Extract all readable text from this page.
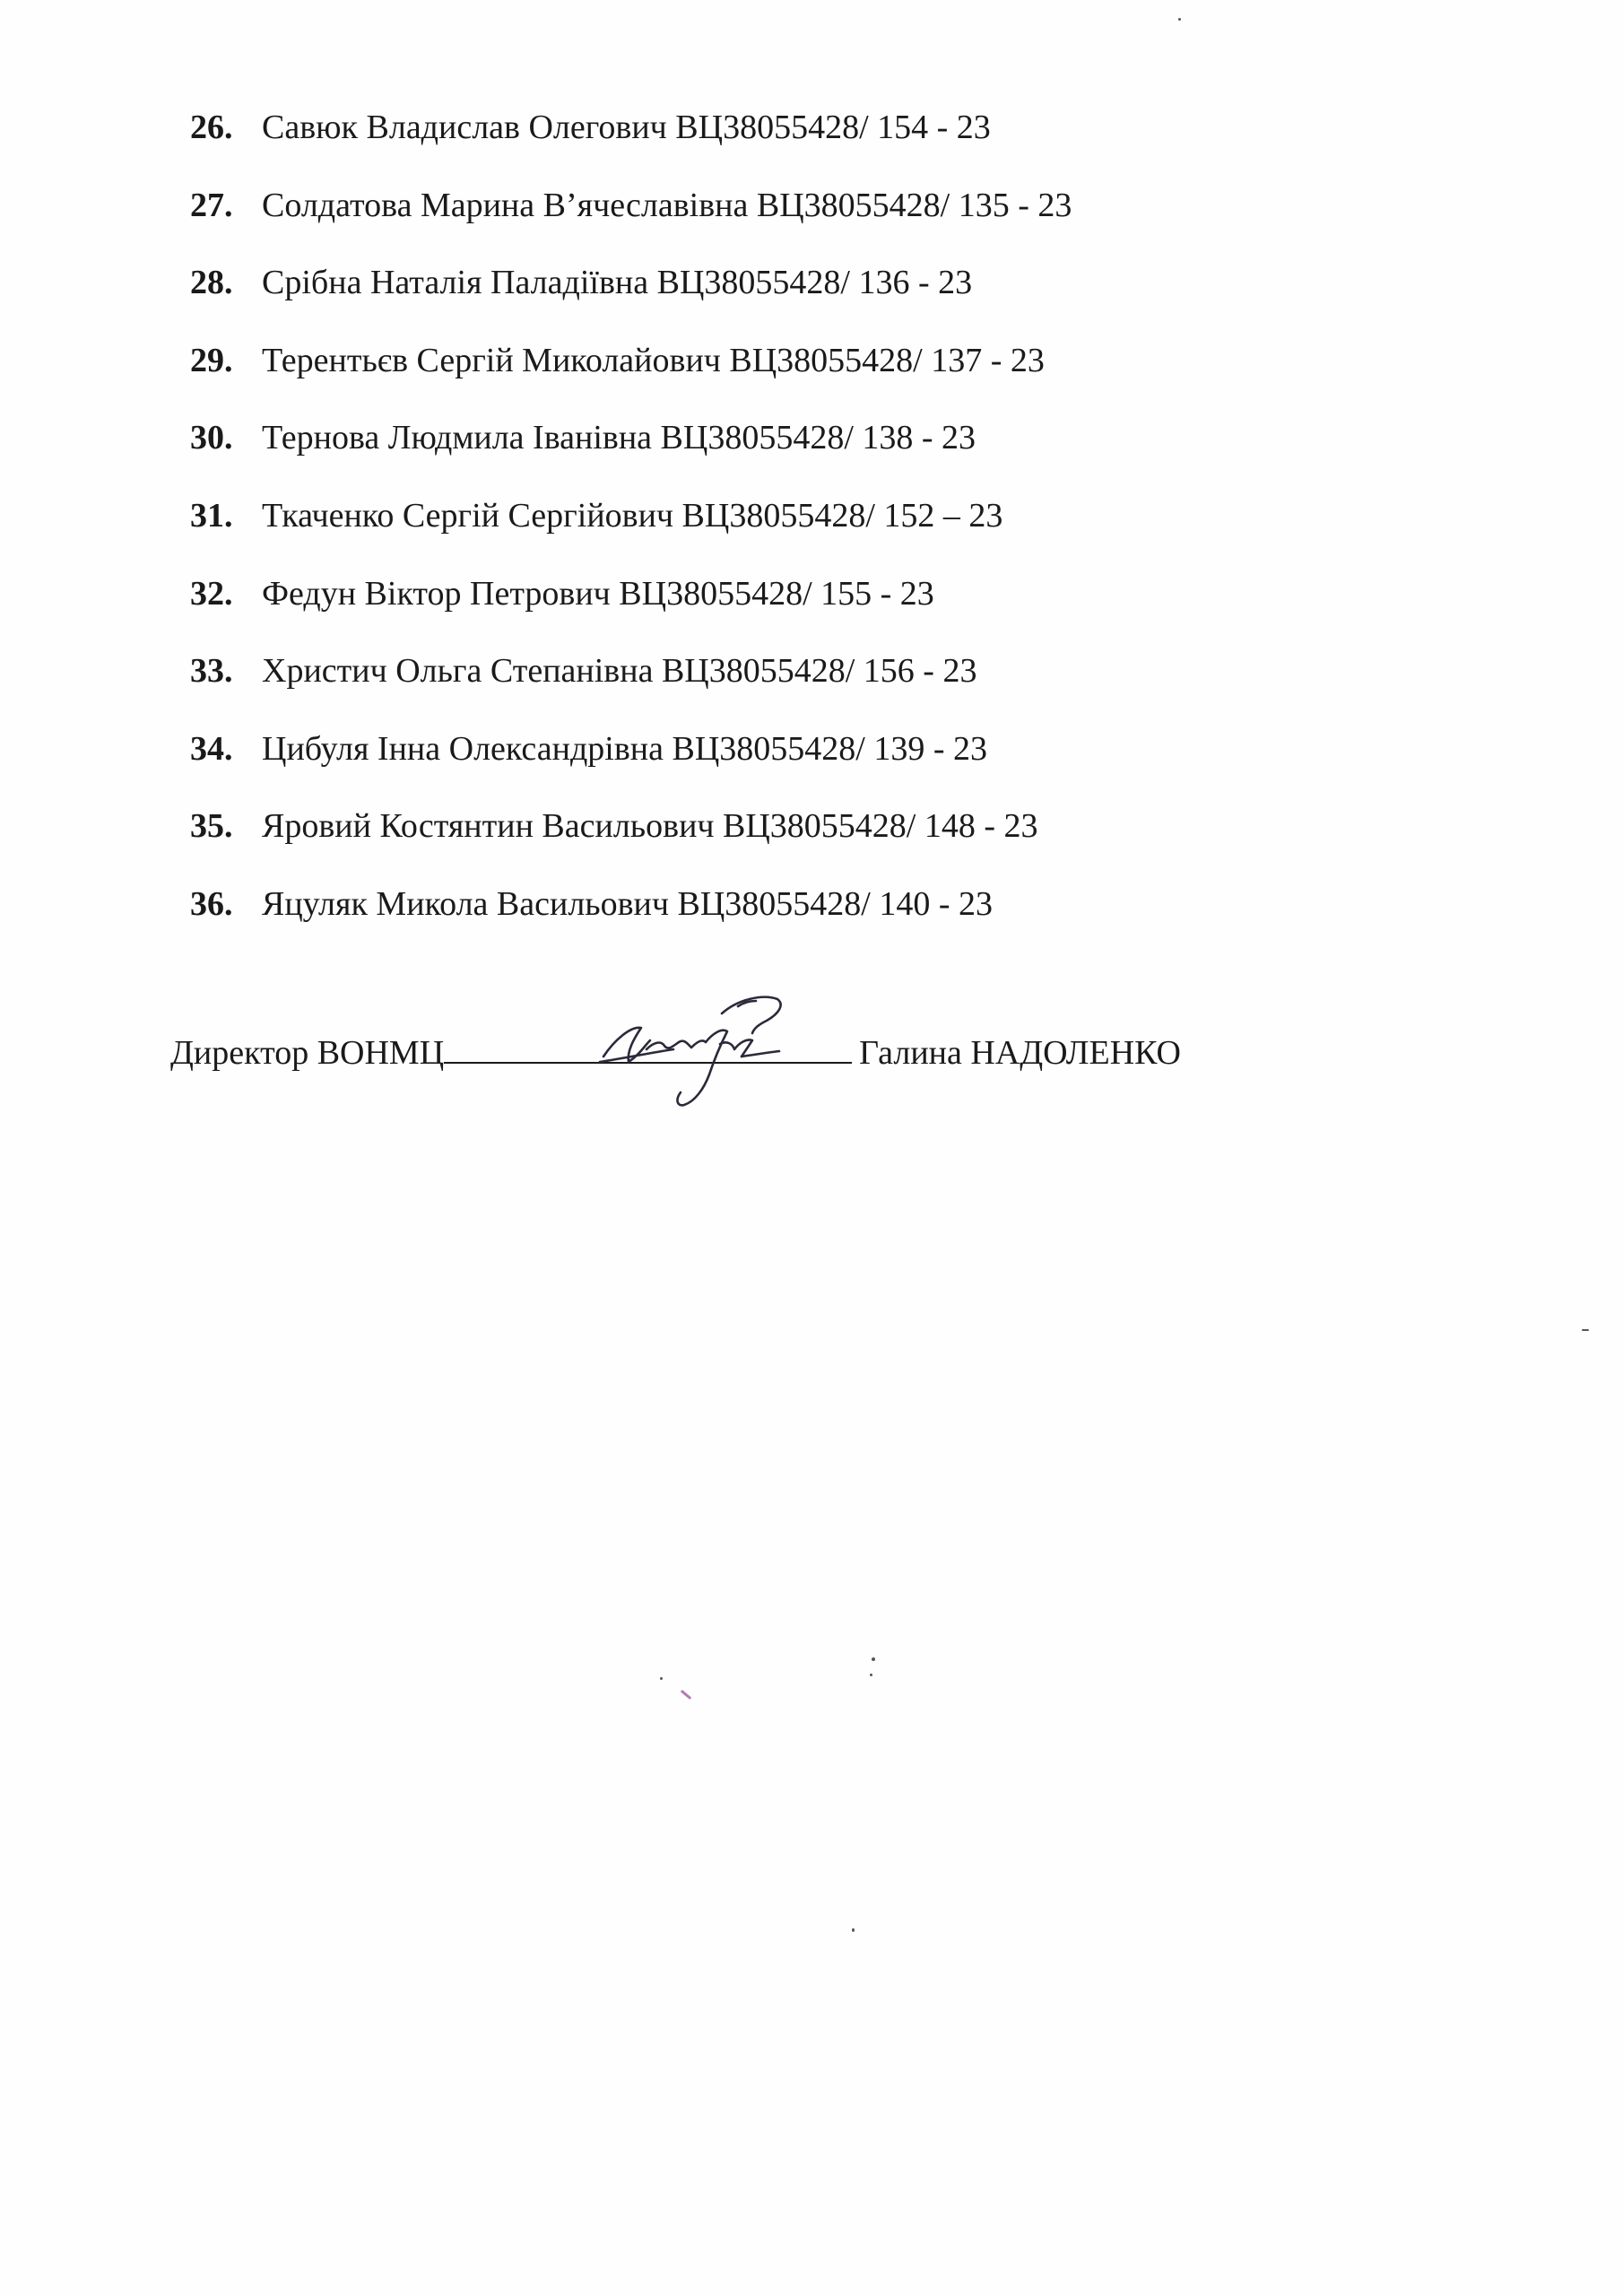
26. Савюк Владислав Олегович ВЦ38055428/ 154 - 23
27. Солдатова Марина В’ячеславівна ВЦ38055428/ 135 - 23
28. Срібна Наталія Паладіївна ВЦ38055428/ 136 - 23
29. Терентьєв Сергій Миколайович ВЦ38055428/ 137 - 23
30. Тернова Людмила Іванівна ВЦ38055428/ 138 - 23
31. Ткаченко Сергій Сергійович ВЦ38055428/ 152 – 23
32. Федун Віктор Петрович ВЦ38055428/ 155 - 23
33. Христич Ольга Степанівна ВЦ38055428/ 156 - 23
34. Цибуля Інна Олександрівна ВЦ38055428/ 139 - 23
35. Яровий Костянтин Васильович ВЦ38055428/ 148 - 23
36. Яцуляк Микола Васильович ВЦ38055428/ 140 - 23
Директор ВОНМЦ	Галина НАДОЛЕНКО
